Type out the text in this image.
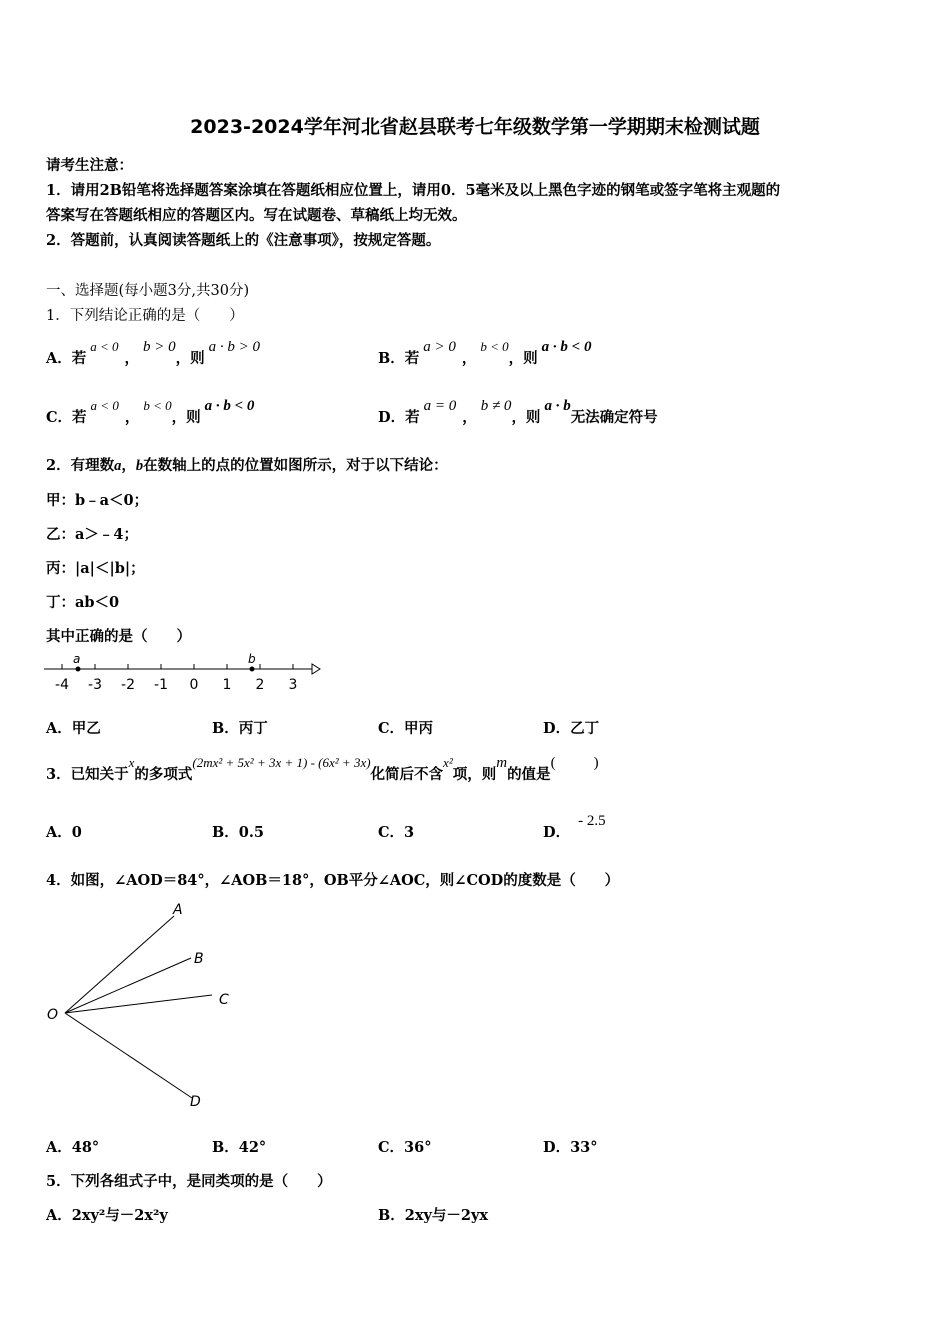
2023-2024学年河北省赵县联考七年级数学第一学期期末检测试题
请考生注意：
1．请用2B铅笔将选择题答案涂填在答题纸相应位置上，请用0．5毫米及以上黑色字迹的钢笔或签字笔将主观题的
答案写在答题纸相应的答题区内。写在试题卷、草稿纸上均无效。
2．答题前，认真阅读答题纸上的《注意事项》，按规定答题。
一、选择题(每小题3分,共30分)
1．下列结论正确的是（　　）
A．若a < 0，b > 0，则a · b > 0
B．若a > 0，b < 0，则a · b < 0
C．若a < 0，b < 0，则a · b < 0
D．若a = 0，b ≠ 0，则a · b无法确定符号
2．有理数a，b在数轴上的点的位置如图所示，对于以下结论：
甲：b﹣a＜0；
乙：a＞﹣4；
丙：|a|＜|b|；
丁：ab＜0
其中正确的是（　　）
-4 -3 -2 -1 0 1 2 3
a	b
A．甲乙	B．丙丁	C．甲丙	D．乙丁
3．已知关于x的多项式(2mx² + 5x² + 3x + 1) - (6x² + 3x)化简后不含x²项，则m的值是(	)
A．0	B．0.5	C．3	D．- 2.5
4．如图，∠AOD＝84°，∠AOB＝18°，OB平分∠AOC，则∠COD的度数是（　　）
O
A
B
C
D
A．48°	B．42°	C．36°	D．33°
5．下列各组式子中，是同类项的是（　　）
A．2xy²与－2x²y	B．2xy与－2yx
